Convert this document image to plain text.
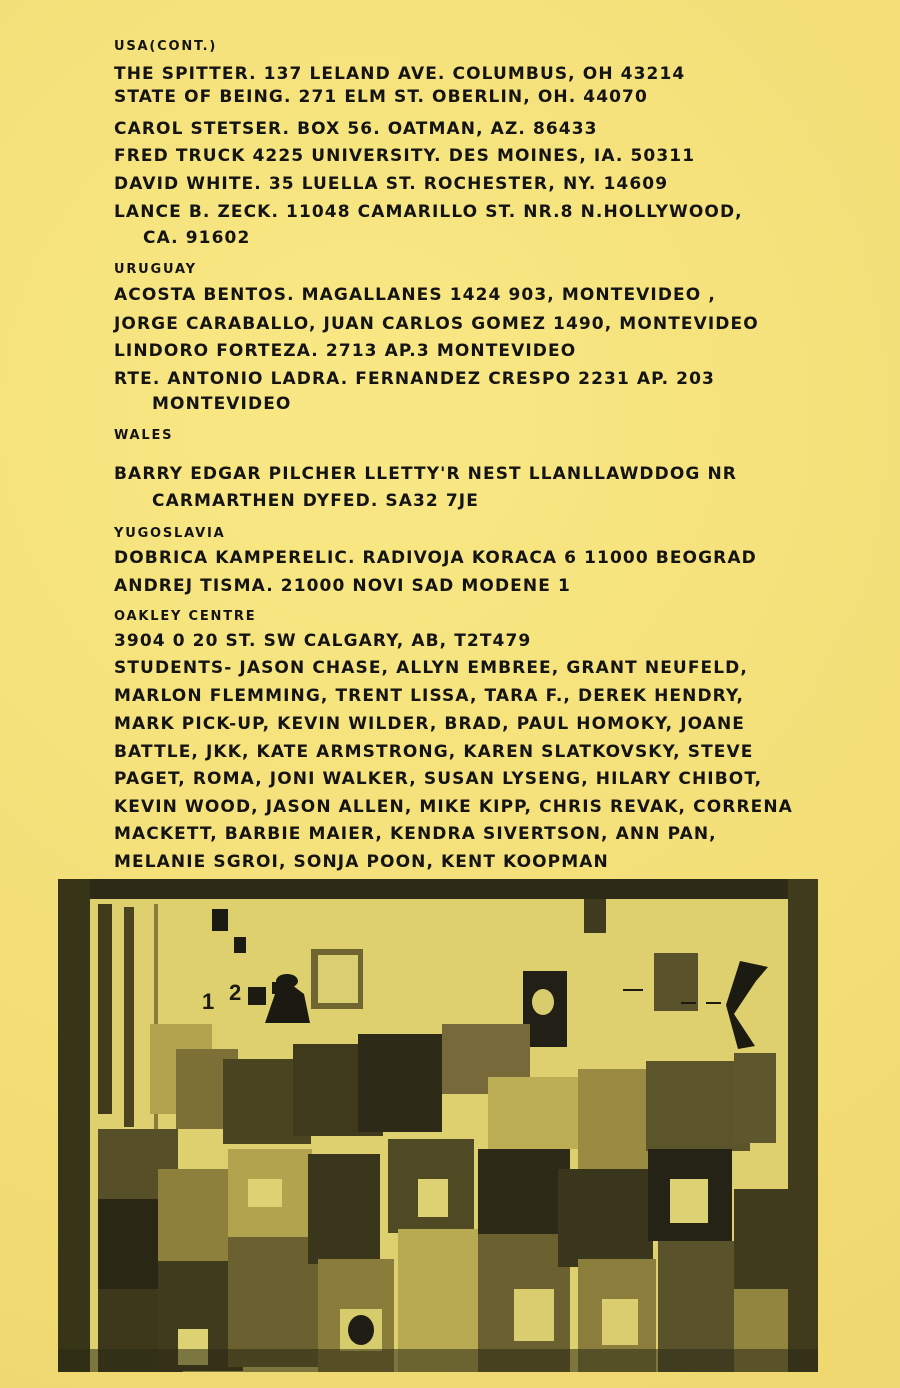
USA(CONT.)
THE SPITTER. 137 LELAND AVE. COLUMBUS, OH 43214
STATE OF BEING. 271 ELM ST. OBERLIN, OH. 44070
CAROL STETSER. BOX 56. OATMAN, AZ. 86433
FRED TRUCK 4225 UNIVERSITY. DES MOINES, IA. 50311
DAVID WHITE. 35 LUELLA ST. ROCHESTER, NY. 14609
LANCE B. ZECK. 11048 CAMARILLO ST. NR.8 N.HOLLYWOOD,
CA. 91602
URUGUAY
ACOSTA BENTOS. MAGALLANES 1424 903, MONTEVIDEO ,
JORGE CARABALLO, JUAN CARLOS GOMEZ 1490, MONTEVIDEO
LINDORO FORTEZA. 2713 AP.3 MONTEVIDEO
RTE. ANTONIO LADRA. FERNANDEZ CRESPO 2231 AP. 203
MONTEVIDEO
WALES
BARRY EDGAR PILCHER LLETTY'R NEST LLANLLAWDDOG NR
CARMARTHEN DYFED. SA32 7JE
YUGOSLAVIA
DOBRICA KAMPERELIC. RADIVOJA KORACA 6 11000 BEOGRAD
ANDREJ TISMA. 21000 NOVI SAD MODENE 1
OAKLEY CENTRE
3904 0 20 ST. SW CALGARY, AB, T2T479
STUDENTS- JASON CHASE, ALLYN EMBREE, GRANT NEUFELD,
MARLON FLEMMING, TRENT LISSA, TARA F., DEREK HENDRY,
MARK PICK-UP, KEVIN WILDER, BRAD, PAUL HOMOKY, JOANE
BATTLE, JKK, KATE ARMSTRONG, KAREN SLATKOVSKY, STEVE
PAGET, ROMA, JONI WALKER, SUSAN LYSENG, HILARY CHIBOT,
KEVIN WOOD, JASON ALLEN, MIKE KIPP, CHRIS REVAK, CORRENA
MACKETT, BARBIE MAIER, KENDRA SIVERTSON, ANN PAN,
MELANIE SGROI, SONJA POON, KENT KOOPMAN
1 2
